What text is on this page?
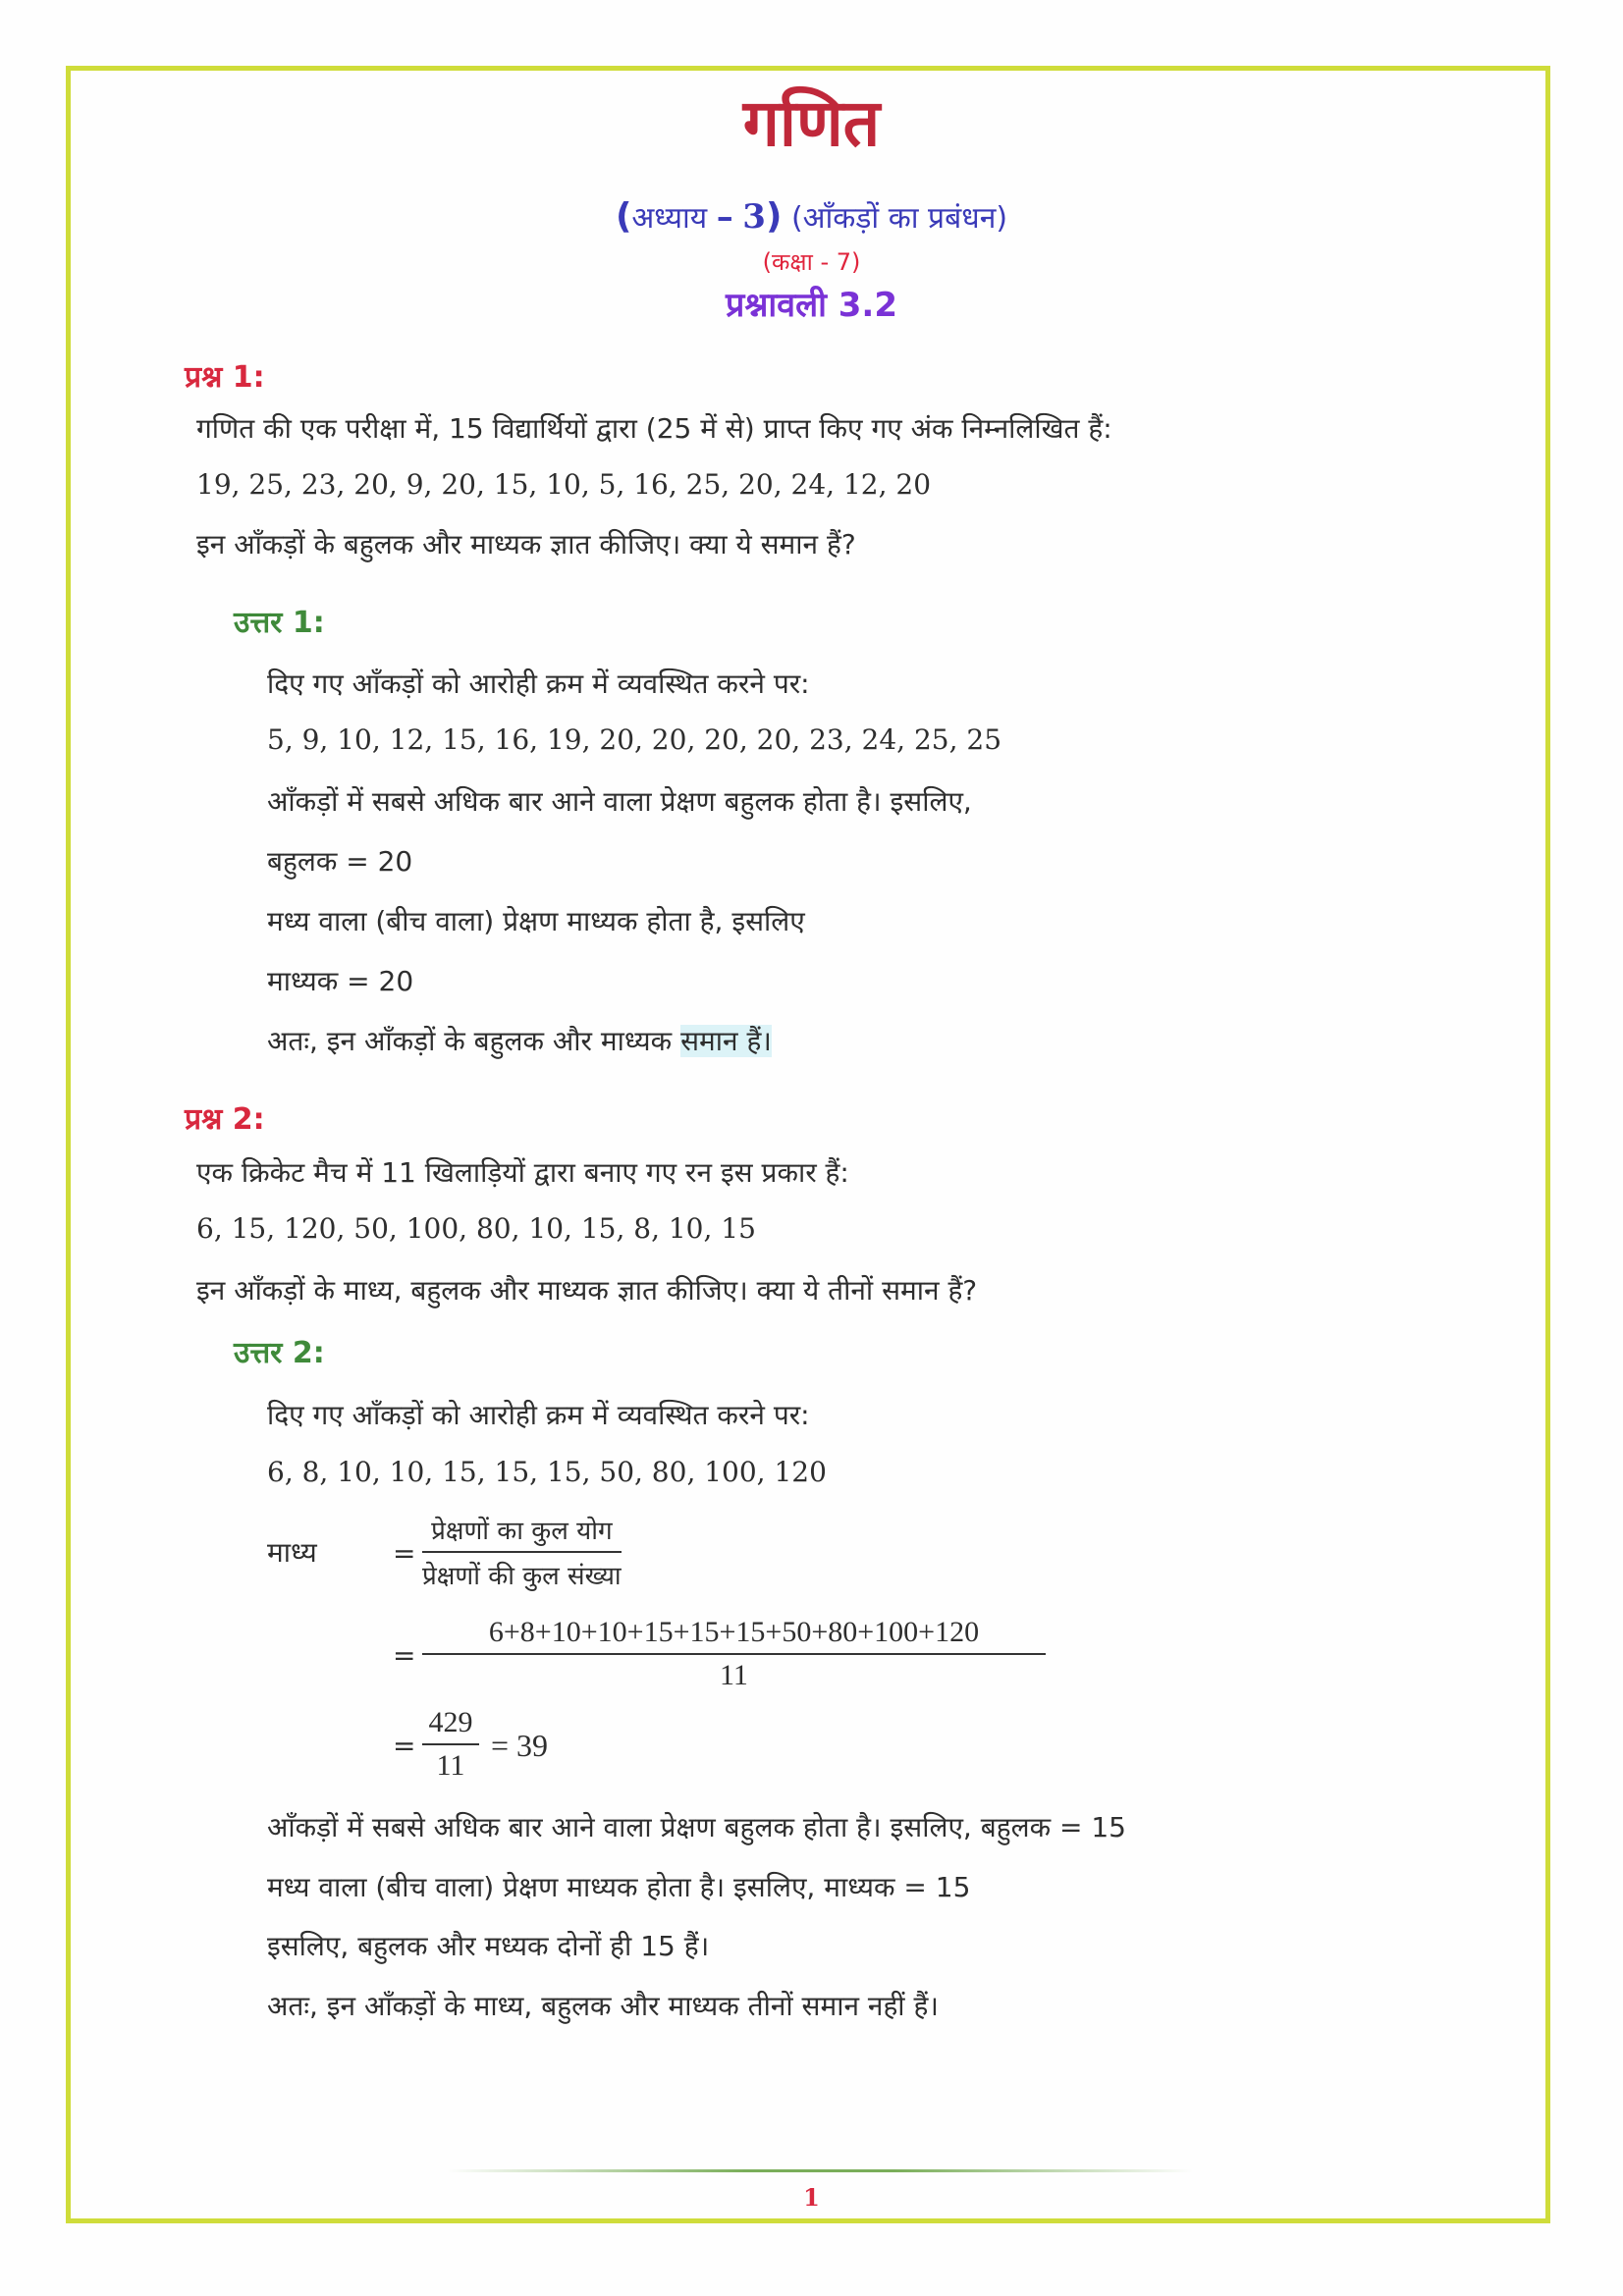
गणित
(अध्याय – 3) (आँकड़ों का प्रबंधन)
(कक्षा - 7)
प्रश्नावली 3.2
प्रश्न 1:
गणित की एक परीक्षा में, 15 विद्यार्थियों द्वारा (25 में से) प्राप्त किए गए अंक निम्नलिखित हैं:
19, 25, 23, 20, 9, 20, 15, 10, 5, 16, 25, 20, 24, 12, 20
इन आँकड़ों के बहुलक और माध्यक ज्ञात कीजिए। क्या ये समान हैं?
उत्तर 1:
दिए गए आँकड़ों को आरोही क्रम में व्यवस्थित करने पर:
5, 9, 10, 12, 15, 16, 19, 20, 20, 20, 20, 23, 24, 25, 25
आँकड़ों में सबसे अधिक बार आने वाला प्रेक्षण बहुलक होता है। इसलिए,
बहुलक = 20
मध्य वाला (बीच वाला) प्रेक्षण माध्यक होता है, इसलिए
माध्यक = 20
अतः, इन आँकड़ों के बहुलक और माध्यक समान हैं।
प्रश्न 2:
एक क्रिकेट मैच में 11 खिलाड़ियों द्वारा बनाए गए रन इस प्रकार हैं:
6, 15, 120, 50, 100, 80, 10, 15, 8, 10, 15
इन आँकड़ों के माध्य, बहुलक और माध्यक ज्ञात कीजिए। क्या ये तीनों समान हैं?
उत्तर 2:
दिए गए आँकड़ों को आरोही क्रम में व्यवस्थित करने पर:
6, 8, 10, 10, 15, 15, 15, 50, 80, 100, 120
माध्य	=
प्रेक्षणों का कुल योग
प्रेक्षणों की कुल संख्या
=
6+8+10+10+15+15+15+50+80+100+120
11
=
429
11
= 39
आँकड़ों में सबसे अधिक बार आने वाला प्रेक्षण बहुलक होता है। इसलिए, बहुलक = 15
मध्य वाला (बीच वाला) प्रेक्षण माध्यक होता है। इसलिए, माध्यक = 15
इसलिए, बहुलक और मध्यक दोनों ही 15 हैं।
अतः, इन आँकड़ों के माध्य, बहुलक और माध्यक तीनों समान नहीं हैं।
1
